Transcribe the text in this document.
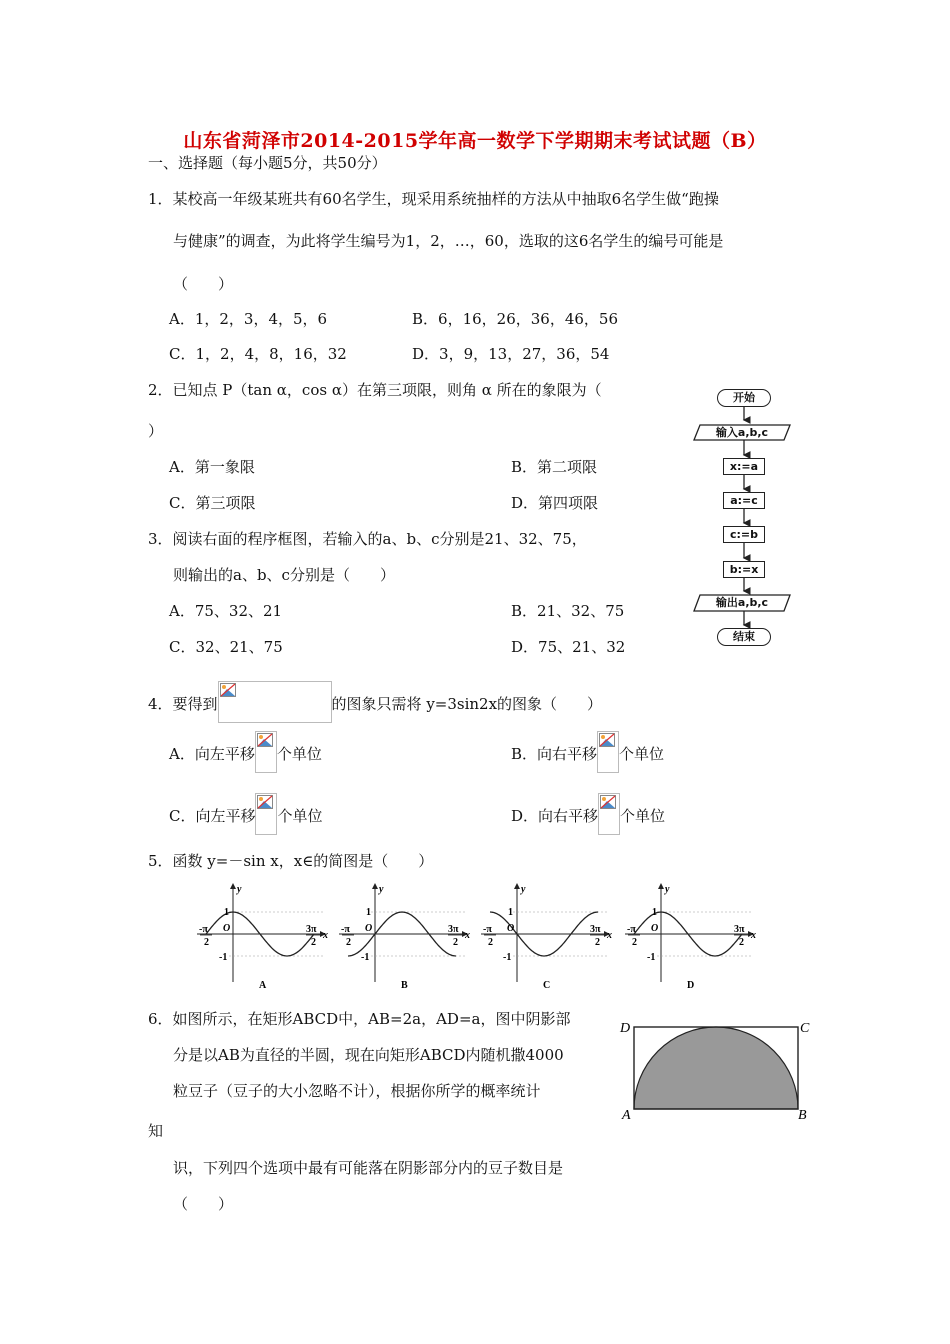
山东省菏泽市2014-2015学年高一数学下学期期末考试试题（B）
一、选择题（每小题5分，共50分）
1．某校高一年级某班共有60名学生，现采用系统抽样的方法从中抽取6名学生做“跑操
与健康”的调查，为此将学生编号为1，2，…，60，选取的这6名学生的编号可能是
（　　）
A．1，2，3，4，5，6	B．6，16，26，36，46，56
C．1，2，4，8，16，32	D．3，9，13，27，36，54
2．已知点 P（tan α，cos α）在第三项限，则角 α 所在的象限为（
）
A．第一象限	B．第二项限
C．第三项限	D．第四项限
3．阅读右面的程序框图，若输入的a、b、c分别是21、32、75，
则输出的a、b、c分别是（　　）
A．75、32、21	B．21、32、75
C．32、21、75	D．75、21、32
开始
输入a,b,c
x:=a
a:=c
c:=b
b:=x
输出a,b,c
结束
4．要得到	的图象只需将 y=3sin2x的图象（　　）
A．向左平移 个单位	B．向右平移 个单位
C．向左平移 个单位	D．向右平移 个单位
5．函数 y=－sin x，x∈的简图是（　　）
y
x
O
1
-1
-π
2
3π
2
A
y
x
O
1
-1
-π
2
3π
2
B
y
x
O
1
-1
-π
2
3π
2
C
y
x
O
1
-1
-π
2
3π
2
D
6．如图所示，在矩形ABCD中，AB=2a，AD=a，图中阴影部
分是以AB为直径的半圆，现在向矩形ABCD内随机撒4000
粒豆子（豆子的大小忽略不计），根据你所学的概率统计
知
识，下列四个选项中最有可能落在阴影部分内的豆子数目是
（　　）
D	C
A	B
